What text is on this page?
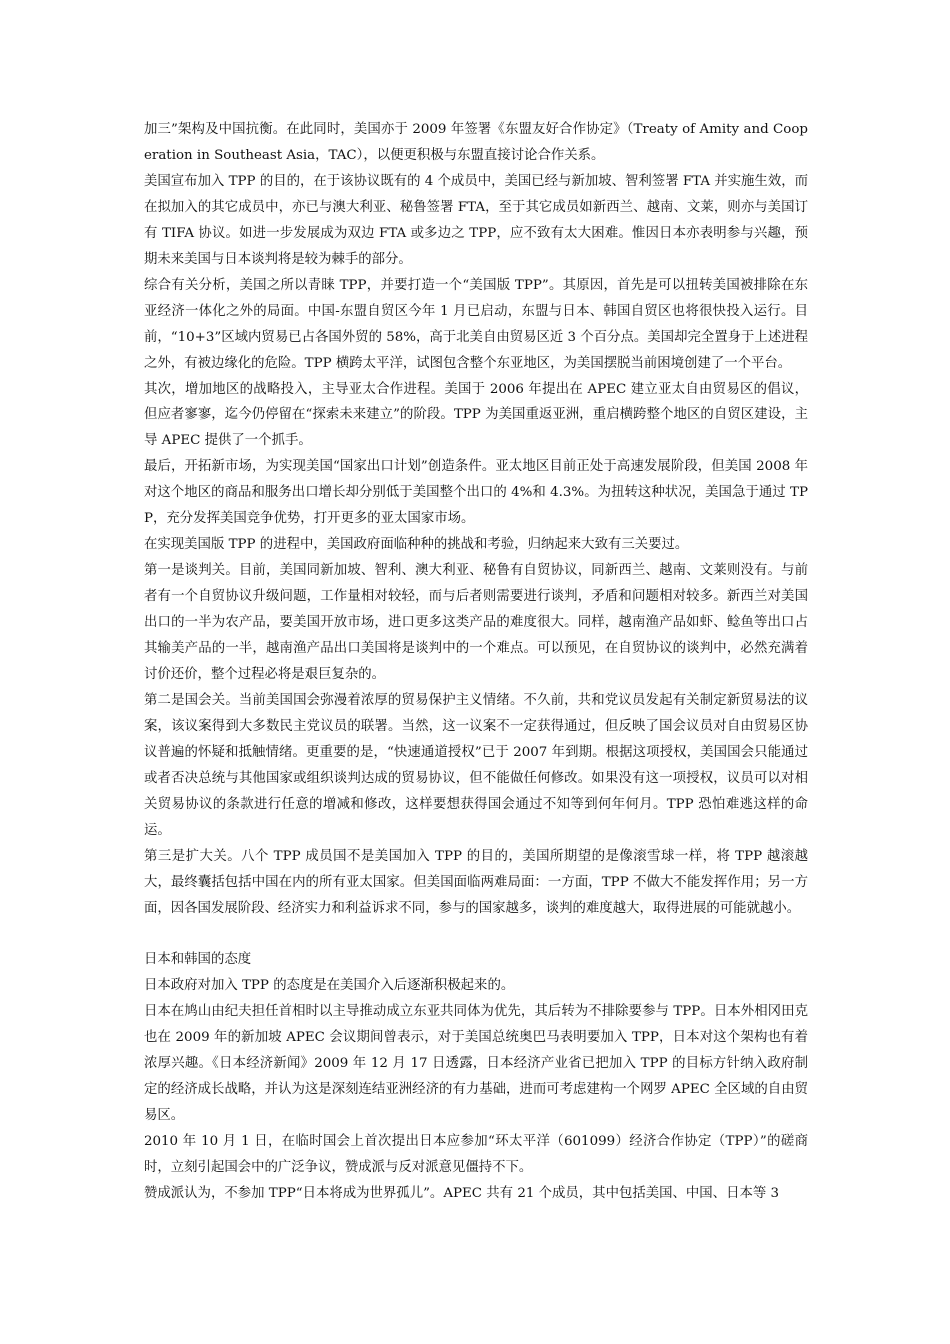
加三”架构及中国抗衡。在此同时，美国亦于 2009 年签署《东盟友好合作协定》（Treaty of Amity and Cooperation in Southeast Asia，TAC），以便更积极与东盟直接讨论合作关系。

美国宣布加入 TPP 的目的，在于该协议既有的 4 个成员中，美国已经与新加坡、智利签署 FTA 并实施生效，而在拟加入的其它成员中，亦已与澳大利亚、秘鲁签署 FTA，至于其它成员如新西兰、越南、文莱，则亦与美国订有 TIFA 协议。如进一步发展成为双边 FTA 或多边之 TPP，应不致有太大困难。惟因日本亦表明参与兴趣，预期未来美国与日本谈判将是较为棘手的部分。

综合有关分析，美国之所以青睐 TPP，并要打造一个“美国版 TPP”。其原因，首先是可以扭转美国被排除在东亚经济一体化之外的局面。中国-东盟自贸区今年 1 月已启动，东盟与日本、韩国自贸区也将很快投入运行。目前，“10+3”区域内贸易已占各国外贸的 58%，高于北美自由贸易区近 3 个百分点。美国却完全置身于上述进程之外，有被边缘化的危险。TPP 横跨太平洋，试图包含整个东亚地区，为美国摆脱当前困境创建了一个平台。

其次，增加地区的战略投入，主导亚太合作进程。美国于 2006 年提出在 APEC 建立亚太自由贸易区的倡议，但应者寥寥，迄今仍停留在“探索未来建立”的阶段。TPP 为美国重返亚洲，重启横跨整个地区的自贸区建设，主导 APEC 提供了一个抓手。

最后，开拓新市场，为实现美国“国家出口计划”创造条件。亚太地区目前正处于高速发展阶段，但美国 2008 年对这个地区的商品和服务出口增长却分别低于美国整个出口的 4%和 4.3%。为扭转这种状况，美国急于通过 TPP，充分发挥美国竞争优势，打开更多的亚太国家市场。

在实现美国版 TPP 的进程中，美国政府面临种种的挑战和考验，归纳起来大致有三关要过。

第一是谈判关。目前，美国同新加坡、智利、澳大利亚、秘鲁有自贸协议，同新西兰、越南、文莱则没有。与前者有一个自贸协议升级问题，工作量相对较轻，而与后者则需要进行谈判，矛盾和问题相对较多。新西兰对美国出口的一半为农产品，要美国开放市场，进口更多这类产品的难度很大。同样，越南渔产品如虾、鲶鱼等出口占其输美产品的一半，越南渔产品出口美国将是谈判中的一个难点。可以预见，在自贸协议的谈判中，必然充满着讨价还价，整个过程必将是艰巨复杂的。

第二是国会关。当前美国国会弥漫着浓厚的贸易保护主义情绪。不久前，共和党议员发起有关制定新贸易法的议案，该议案得到大多数民主党议员的联署。当然，这一议案不一定获得通过，但反映了国会议员对自由贸易区协议普遍的怀疑和抵触情绪。更重要的是，“快速通道授权”已于 2007 年到期。根据这项授权，美国国会只能通过或者否决总统与其他国家或组织谈判达成的贸易协议，但不能做任何修改。如果没有这一项授权，议员可以对相关贸易协议的条款进行任意的增减和修改，这样要想获得国会通过不知等到何年何月。TPP 恐怕难逃这样的命运。

第三是扩大关。八个 TPP 成员国不是美国加入 TPP 的目的，美国所期望的是像滚雪球一样，将 TPP 越滚越大，最终囊括包括中国在内的所有亚太国家。但美国面临两难局面：一方面，TPP 不做大不能发挥作用；另一方面，因各国发展阶段、经济实力和利益诉求不同，参与的国家越多，谈判的难度越大，取得进展的可能就越小。

日本和韩国的态度

日本政府对加入 TPP 的态度是在美国介入后逐渐积极起来的。

日本在鸠山由纪夫担任首相时以主导推动成立东亚共同体为优先，其后转为不排除要参与 TPP。日本外相冈田克也在 2009 年的新加坡 APEC 会议期间曾表示，对于美国总统奥巴马表明要加入 TPP，日本对这个架构也有着浓厚兴趣。《日本经济新闻》2009 年 12 月 17 日透露，日本经济产业省已把加入 TPP 的目标方针纳入政府制定的经济成长战略，并认为这是深刻连结亚洲经济的有力基础，进而可考虑建构一个网罗 APEC 全区域的自由贸易区。

2010 年 10 月 1 日，在临时国会上首次提出日本应参加“环太平洋（601099）经济合作协定（TPP）”的磋商时，立刻引起国会中的广泛争议，赞成派与反对派意见僵持不下。

赞成派认为，不参加 TPP“日本将成为世界孤儿”。APEC 共有 21 个成员，其中包括美国、中国、日本等 3
